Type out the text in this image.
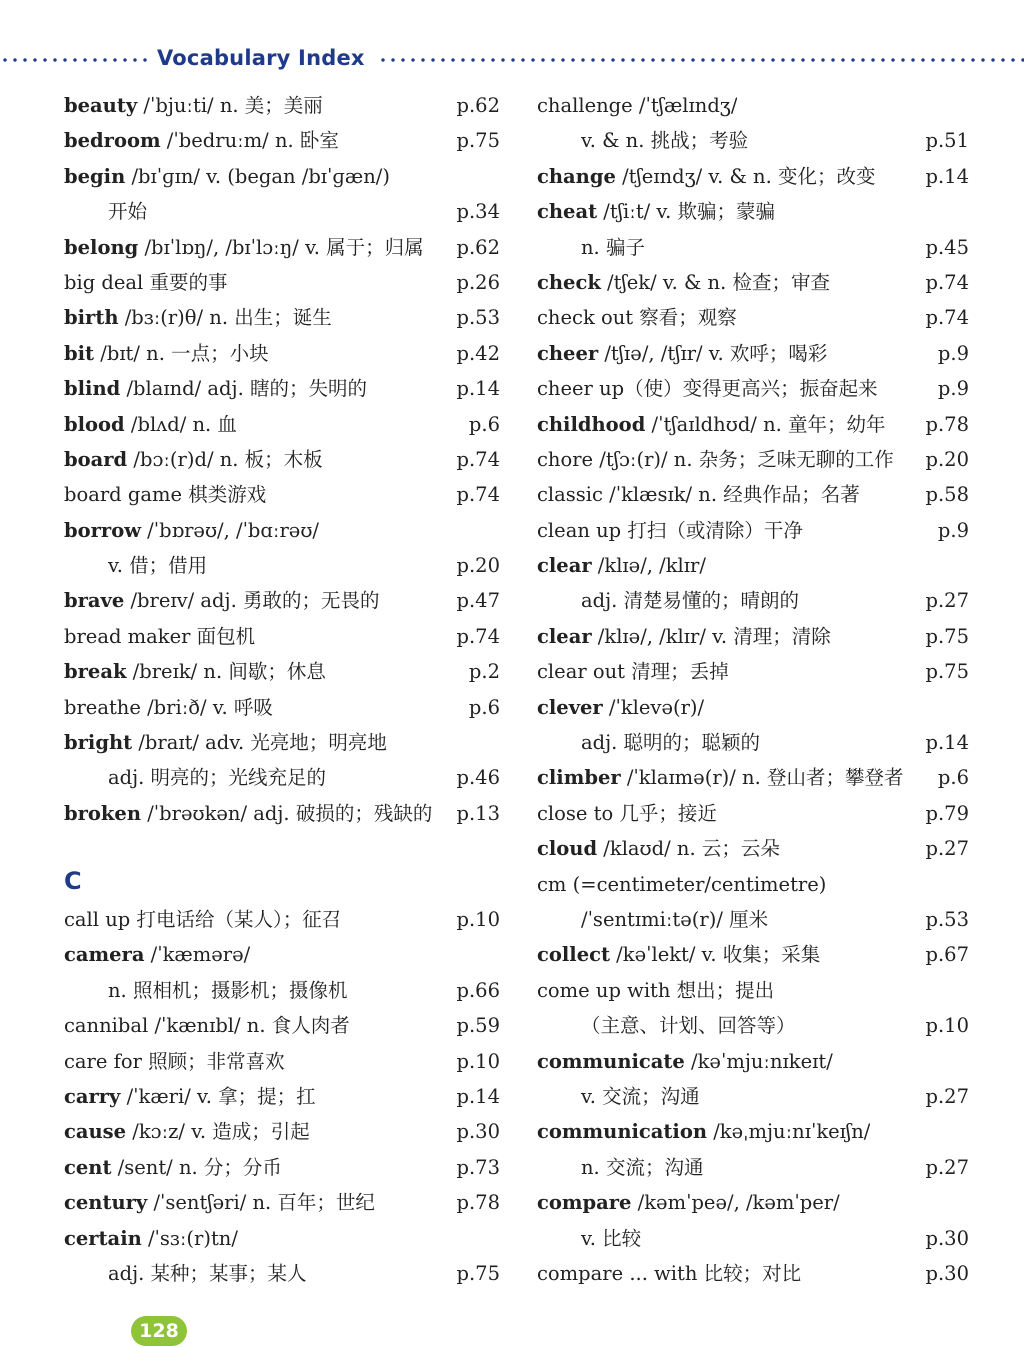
Vocabulary Index
beauty /ˈbjuːti/ n. 美；美丽	p.62
bedroom /ˈbedruːm/ n. 卧室	p.75
begin /bɪˈɡɪn/ v. (began /bɪˈɡæn/)
开始	p.34
belong /bɪˈlɒŋ/, /bɪˈlɔːŋ/ v. 属于；归属 p.62
big deal 重要的事	p.26
birth /bɜː(r)θ/ n. 出生；诞生	p.53
bit /bɪt/ n. 一点；小块	p.42
blind /blaɪnd/ adj. 瞎的；失明的	p.14
blood /blʌd/ n. 血	p.6
board /bɔː(r)d/ n. 板；木板	p.74
board game 棋类游戏	p.74
borrow /ˈbɒrəʊ/, /ˈbɑːrəʊ/
v. 借；借用	p.20
brave /breɪv/ adj. 勇敢的；无畏的	p.47
bread maker 面包机	p.74
break /breɪk/ n. 间歇；休息	p.2
breathe /briːð/ v. 呼吸	p.6
bright /braɪt/ adv. 光亮地；明亮地
adj. 明亮的；光线充足的	p.46
broken /ˈbrəʊkən/ adj. 破损的；残缺的 p.13
C
call up 打电话给（某人）；征召	p.10
camera /ˈkæmərə/
n. 照相机；摄影机；摄像机	p.66
cannibal /ˈkænɪbl/ n. 食人肉者	p.59
care for 照顾；非常喜欢	p.10
carry /ˈkæri/ v. 拿；提；扛	p.14
cause /kɔːz/ v. 造成；引起	p.30
cent /sent/ n. 分；分币	p.73
century /ˈsentʃəri/ n. 百年；世纪	p.78
certain /ˈsɜː(r)tn/
adj. 某种；某事；某人	p.75
challenge /ˈtʃælɪndʒ/
v. & n. 挑战；考验	p.51
change /tʃeɪndʒ/ v. & n. 变化；改变	p.14
cheat /tʃiːt/ v. 欺骗；蒙骗
n. 骗子	p.45
check /tʃek/ v. & n. 检查；审查	p.74
check out 察看；观察	p.74
cheer /tʃɪə/, /tʃɪr/ v. 欢呼；喝彩	p.9
cheer up（使）变得更高兴；振奋起来	p.9
childhood /ˈtʃaɪldhʊd/ n. 童年；幼年 p.78
chore /tʃɔː(r)/ n. 杂务；乏味无聊的工作 p.20
classic /ˈklæsɪk/ n. 经典作品；名著	p.58
clean up 打扫（或清除）干净	p.9
clear /klɪə/, /klɪr/
adj. 清楚易懂的；晴朗的	p.27
clear /klɪə/, /klɪr/ v. 清理；清除	p.75
clear out 清理；丢掉	p.75
clever /ˈklevə(r)/
adj. 聪明的；聪颖的	p.14
climber /ˈklaɪmə(r)/ n. 登山者；攀登者 p.6
close to 几乎；接近	p.79
cloud /klaʊd/ n. 云；云朵	p.27
cm (=centimeter/centimetre)
/ˈsentɪmiːtə(r)/ 厘米	p.53
collect /kəˈlekt/ v. 收集；采集	p.67
come up with 想出；提出
（主意、计划、回答等）	p.10
communicate /kəˈmjuːnɪkeɪt/
v. 交流；沟通	p.27
communication /kəˌmjuːnɪˈkeɪʃn/
n. 交流；沟通	p.27
compare /kəmˈpeə/, /kəmˈper/
v. 比较	p.30
compare ... with 比较；对比	p.30
128
